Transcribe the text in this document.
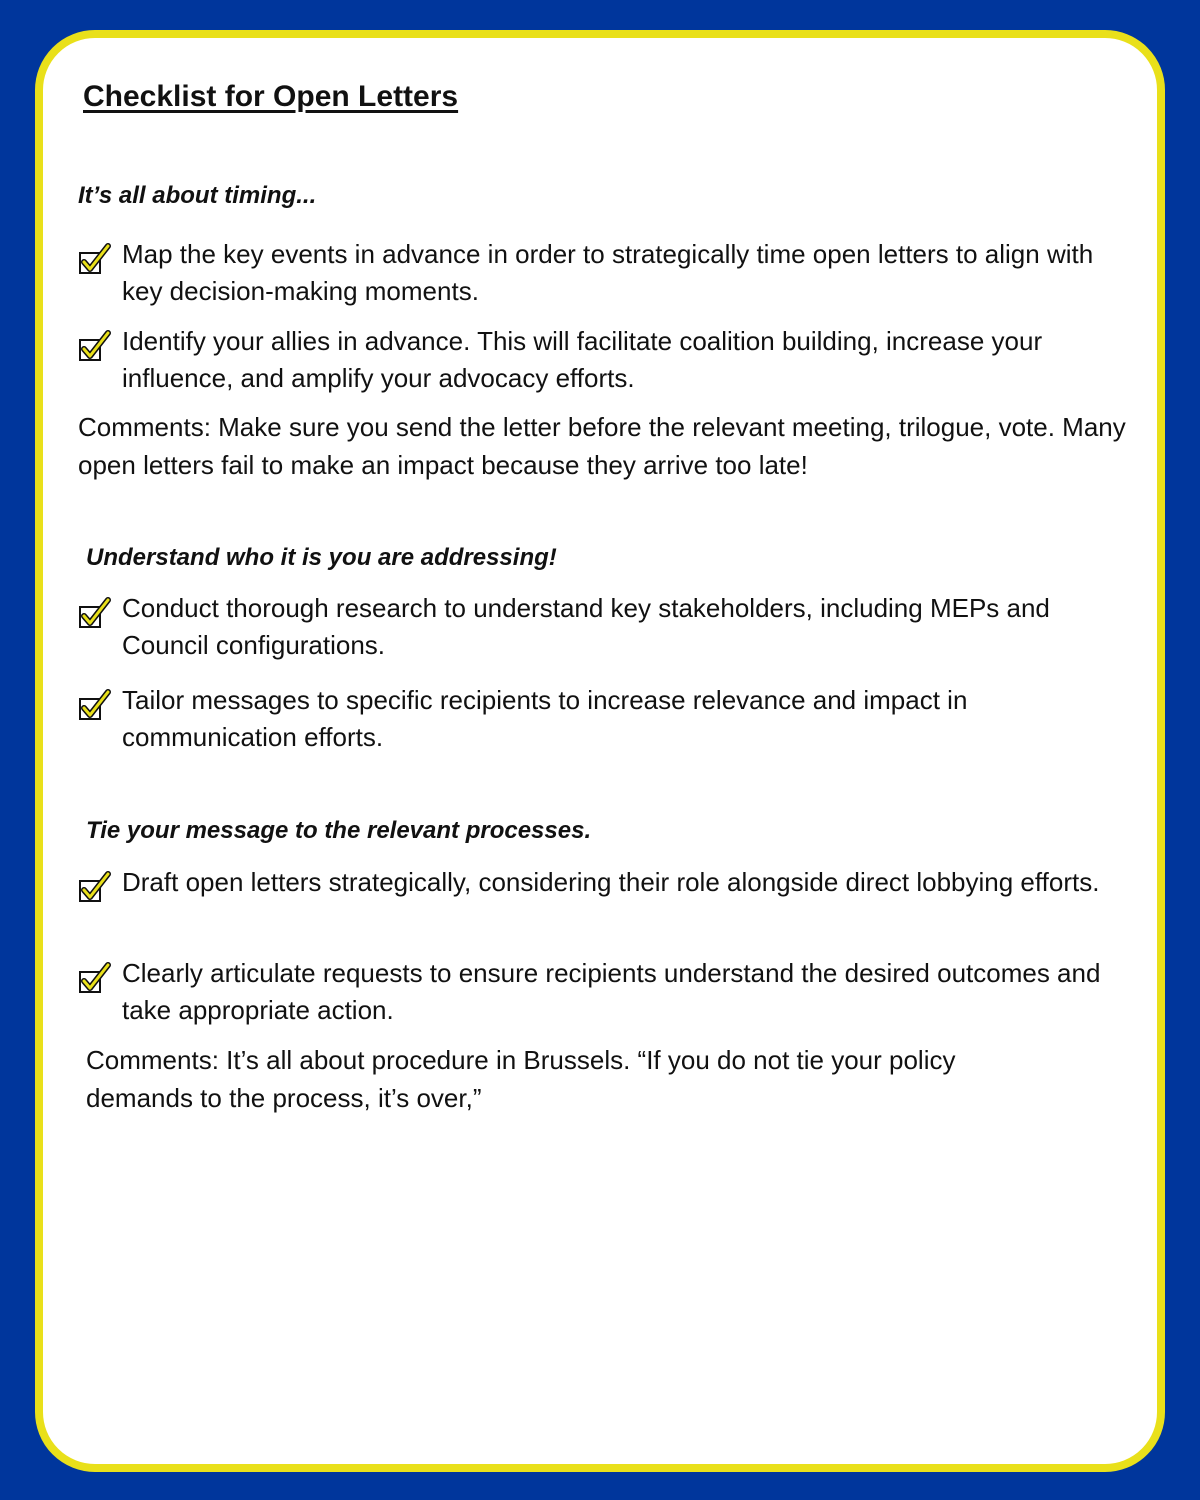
Checklist for Open Letters
It’s all about timing...
Map the key events in advance in order to strategically time open letters to align with key decision-making moments.
Identify your allies in advance. This will facilitate coalition building, increase your influence, and amplify your advocacy efforts.

Comments: Make sure you send the letter before the relevant meeting, trilogue, vote. Many open letters fail to make an impact because they arrive too late!

Understand who it is you are addressing!
Conduct thorough research to understand key stakeholders, including MEPs and Council configurations.
Tailor messages to specific recipients to increase relevance and impact in communication efforts.
Tie your message to the relevant processes.
Draft open letters strategically, considering their role alongside direct lobbying efforts.
Clearly articulate requests to ensure recipients understand the desired outcomes and take appropriate action.

Comments: It’s all about procedure in Brussels. “If you do not tie your policy demands to the process, it’s over,”
